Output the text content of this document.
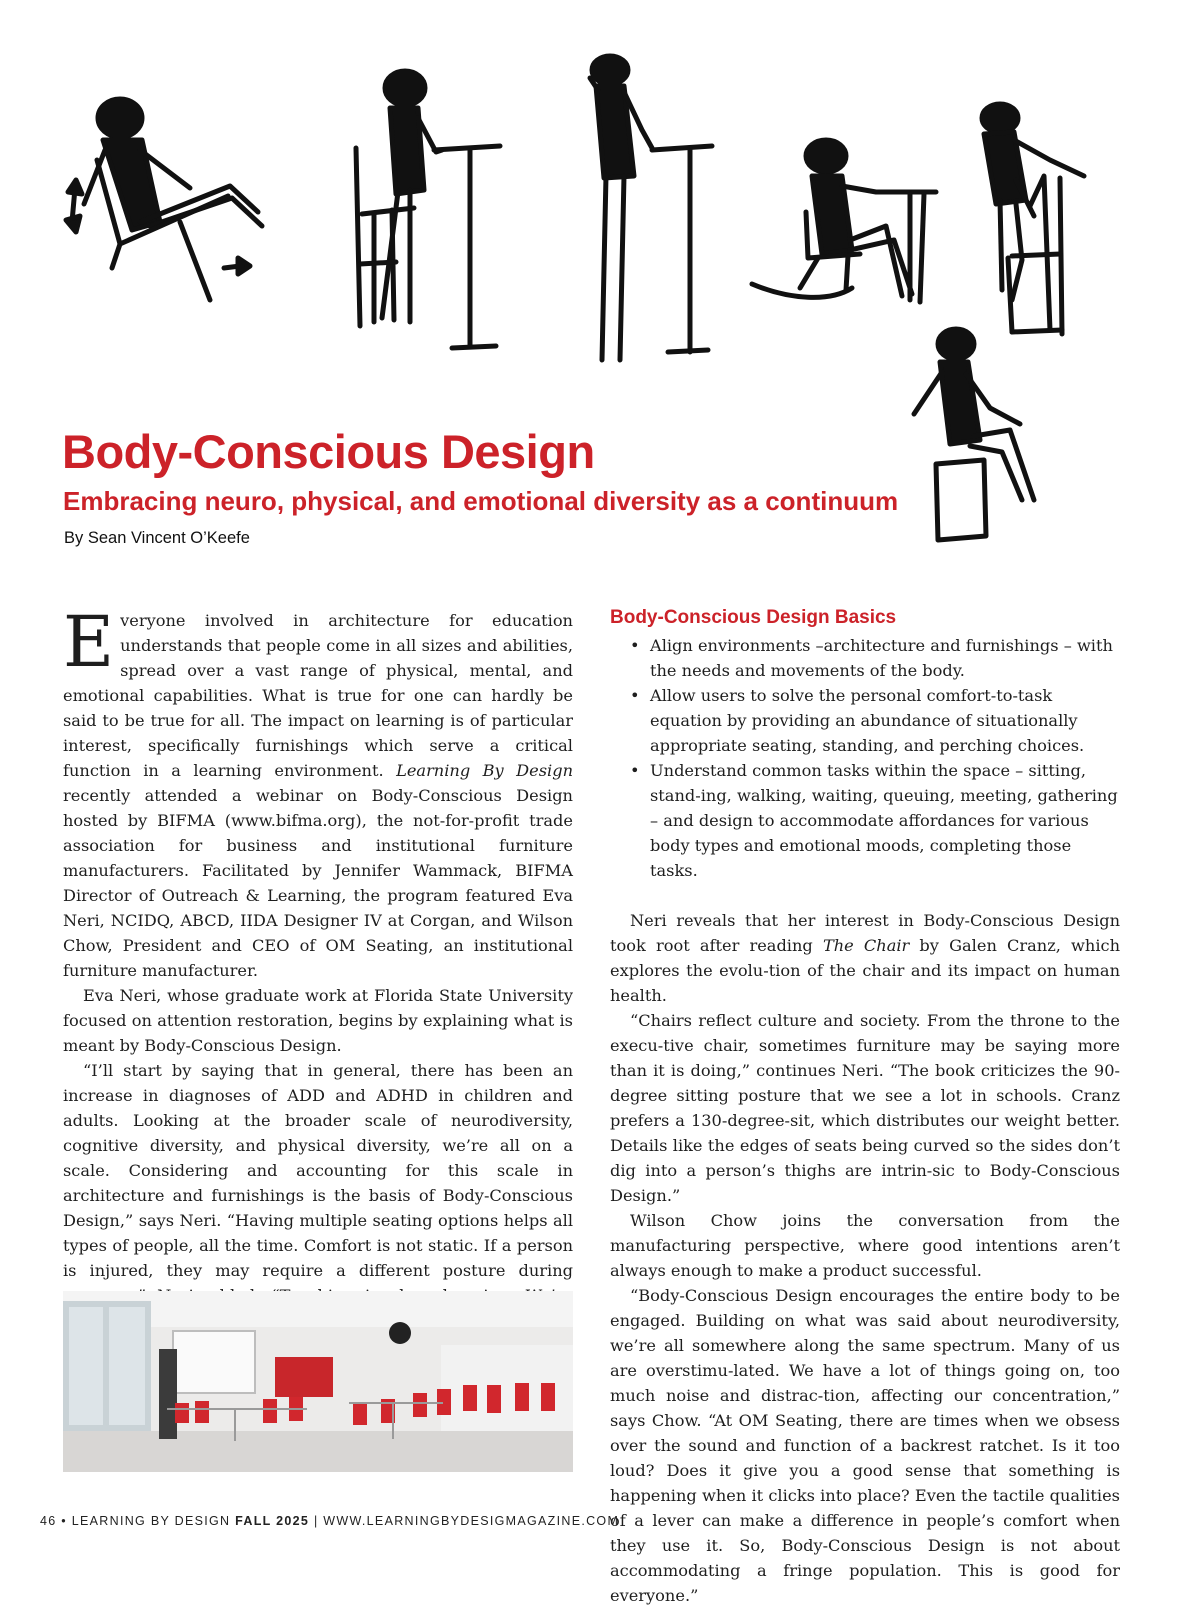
Body-Conscious Design
Embracing neuro, physical, and emotional diversity as a continuum

By Sean Vincent O’Keefe

Everyone involved in architecture for education understands that people come in all sizes and abilities, spread over a vast range of physical, mental, and emotional capabilities. What is true for one can hardly be said to be true for all. The impact on learning is of particular interest, specifically furnishings which serve a critical function in a learning environment. Learning By Design recently attended a webinar on Body-Conscious Design hosted by BIFMA (www.bifma.org), the not-for-profit trade association for business and institutional furniture manufacturers. Facilitated by Jennifer Wammack, BIFMA Director of Outreach & Learning, the program featured Eva Neri, NCIDQ, ABCD, IIDA Designer IV at Corgan, and Wilson Chow, President and CEO of OM Seating, an institutional furniture manufacturer.

Eva Neri, whose graduate work at Florida State University focused on attention restoration, begins by explaining what is meant by Body-Conscious Design.

“I’ll start by saying that in general, there has been an increase in diagnoses of ADD and ADHD in children and adults. Looking at the broader scale of neurodiversity, cognitive diversity, and physical diversity, we’re all on a scale. Considering and accounting for this scale in architecture and furnishings is the basis of Body-Conscious Design,” says Neri. “Having multiple seating options helps all types of people, all the time. Comfort is not static. If a person is injured, they may require a different posture during

Body-Conscious Design Basics
• Align environments –architecture and furnishings – with the needs and movements of the body.
• Allow users to solve the personal comfort-to-task equation by providing an abundance of situationally appropriate seating, standing, and perching choices.
• Understand common tasks within the space – sitting, stand-ing, walking, waiting, queuing, meeting, gathering – and design to accommodate affordances for various body types and emotional moods, completing those tasks.

Neri reveals that her interest in Body-Conscious Design took root after reading The Chair by Galen Cranz, which explores the evolu-tion of the chair and its impact on human health.

“Chairs reflect culture and society. From the throne to the execu-tive chair, sometimes furniture may be saying more than it is doing,” continues Neri. “The book criticizes the 90-degree sitting posture that we see a lot in schools. Cranz prefers a 130-degree-sit, which distributes our weight better. Details like the edges of seats being curved so the sides don’t dig into a person’s thighs are intrin-sic to Body-Conscious Design.”

Wilson Chow joins the conversation from the manufacturing perspective, where good intentions aren’t always enough to make a product successful.

“Body-Conscious Design encourages the entire body to be engaged. Building on what was said about neurodiversity, we’re all somewhere along the same spectrum. Many of us are overstimu-lated. We have a lot of things going on, too much noise and distrac-tion, affecting our concentration,” says Chow. “At OM Seating, there are times when we obsess over the sound and function of a backrest ratchet. Is it too loud? Does it give you a good sense that something is happening when it clicks into place? Even the tactile qualities of a lever can make a difference in people’s comfort when they use it. So, Body-Conscious Design is not about accommodating a fringe population. This is good for everyone.”

46 • LEARNING BY DESIGN FALL 2025 | WWW.LEARNINGBYDESIGMAGAZINE.COM
